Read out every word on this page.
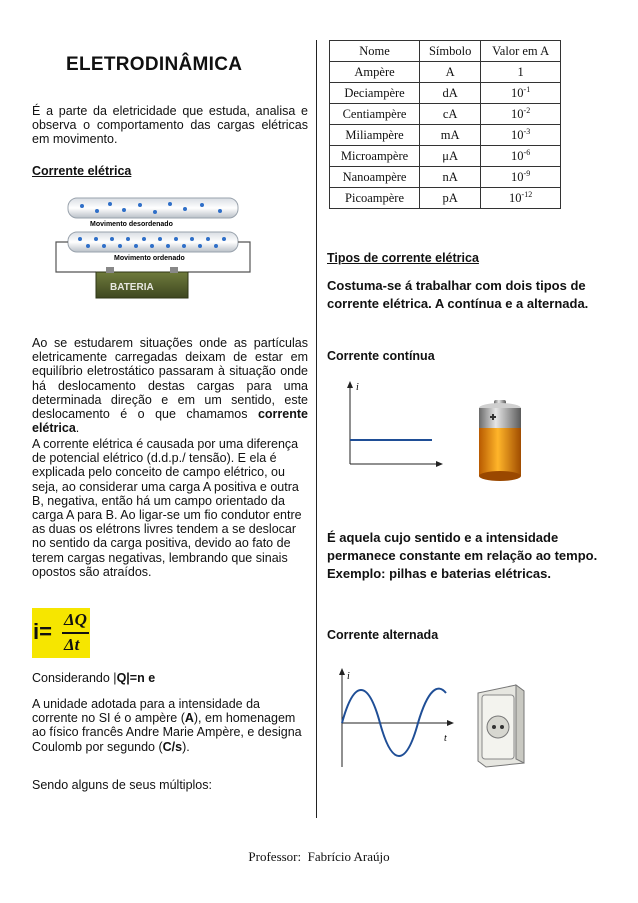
ELETRODINÂMICA
É a parte da eletricidade que estuda, analisa e observa o comportamento das cargas elétricas em movimento.
Corrente elétrica
Movimento desordenado
Movimento ordenado
BATERIA
Ao se estudarem situações onde as partículas eletricamente carregadas deixam de estar em equilíbrio eletrostático passaram à situação onde há deslocamento destas cargas para uma determinada direção e em um sentido, este deslocamento é o que chamamos corrente elétrica.
A corrente elétrica é causada por uma diferença de potencial elétrico (d.d.p./ tensão). E ela é explicada pelo conceito de campo elétrico, ou seja, ao considerar uma carga A positiva e outra B, negativa, então há um campo orientado da carga A para B. Ao ligar-se um fio condutor entre as duas os elétrons livres tendem a se deslocar no sentido da carga positiva, devido ao fato de terem cargas negativas, lembrando que sinais opostos são atraídos.
i= ΔQ
Δt
Considerando |Q|=n e
A unidade adotada para a intensidade da corrente no SI é o ampère (A), em homenagem ao físico francês Andre Marie Ampère, e designa Coulomb por segundo (C/s).
Sendo alguns de seus múltiplos:
Nome	Símbolo	Valor em A
Ampère	A	1
Deciampère	dA	$10^{-1}$
Centiampère	cA	$10^{-2}$
Miliampère	mA	$10^{-3}$
Microampère	μA	$10^{-6}$
Nanoampère	nA	$10^{-9}$
Picoampère	pA	$10^{-12}$
Tipos de corrente elétrica
Costuma-se á trabalhar com dois tipos de corrente elétrica. A contínua e a alternada.
Corrente contínua
i
É aquela cujo sentido e a intensidade permanece constante em relação ao tempo. Exemplo: pilhas e baterias elétricas.
Corrente alternada
i
t
Professor:  Fabrício Araújo
